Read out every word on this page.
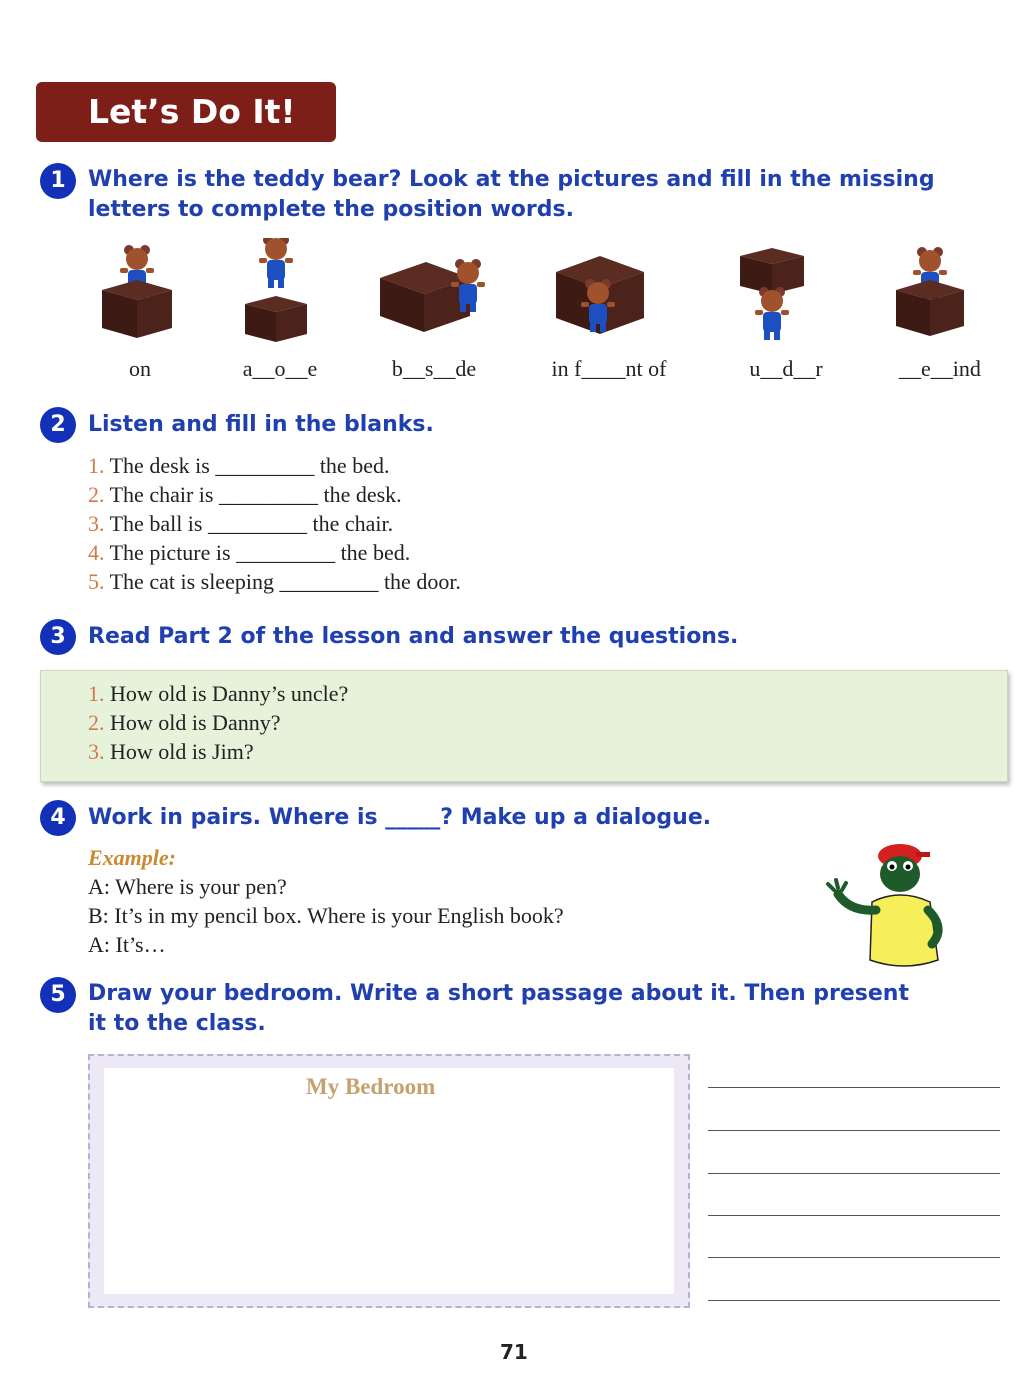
Let’s Do It!
1	Where is the teddy bear? Look at the pictures and fill in the missing
letters to complete the position words.
on	a__o__e	b__s__de	in f____nt of	u__d__r	__e__ind
2	Listen and fill in the blanks.
1. The desk is _________ the bed.
2. The chair is _________ the desk.
3. The ball is _________ the chair.
4. The picture is _________ the bed.
5. The cat is sleeping _________ the door.
3	Read Part 2 of the lesson and answer the questions.
1. How old is Danny’s uncle?
2. How old is Danny?
3. How old is Jim?
4	Work in pairs. Where is _____? Make up a dialogue.
Example:
A: Where is your pen?
B: It’s in my pencil box. Where is your English book?
A: It’s…
5	Draw your bedroom. Write a short passage about it. Then present
it to the class.
My Bedroom
71
